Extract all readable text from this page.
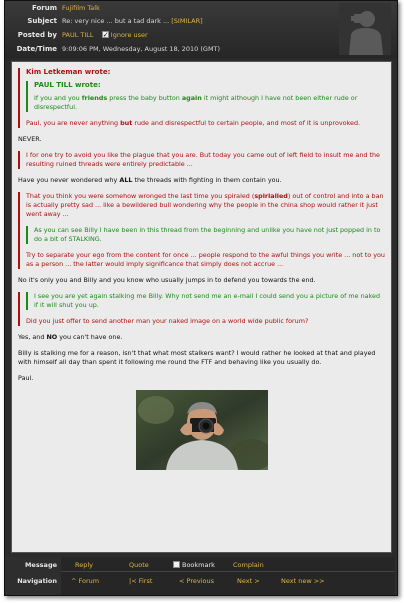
Forum Fujifilm Talk
Subject Re: very nice ... but a tad dark ... [SIMILAR]
Posted by PAUL TILL    ✓	Ignore user
Date/Time 9:09:06 PM, Wednesday, August 18, 2010 (GMT)
Kim Letkeman wrote:
PAUL TILL wrote:

If you and you friends press the baby button again it might although I have not been either rude or disrespectful.

Paul, you are never anything but rude and disrespectful to certain people, and most of it is unprovoked.

NEVER.

I for one try to avoid you like the plague that you are. But today you came out of left field to insult me and the resulting ruined threads were entirely predictable ...

Have you never wondered why ALL the threads with fighting in them contain you.

That you think you were somehow wronged the last time you spiraled (spirlalled) out of control and into a ban is actually pretty sad ... like a bewildered bull wondering why the people in the china shop would rather it just went away ...

As you can see Billy I have been in this thread from the beginning and unlike you have not just popped in to do a bit of STALKING.

Try to separate your ego from the content for once ... people respond to the awful things you write ... not to you as a person ... the latter would imply significance that simply does not accrue ...

No it's only you and Billy and you know who usually jumps in to defend you towards the end.

I see you are yet again stalking me Billy. Why not send me an e-mail I could send you a picture of me naked if it will shut you up.

Did you just offer to send another man your naked image on a world wide public forum?

Yes, and NO you can't have one.

Billy is stalking me for a reason, isn't that what most stalkers want? I would rather he looked at that and played with himself all day than spent it following me round the FTF and behaving like you usually do.

Paul.

Message
Navigation
Reply	Quote	Bookmark	Complain
^ Forum	|< First	< Previous	Next >	Next new >>
